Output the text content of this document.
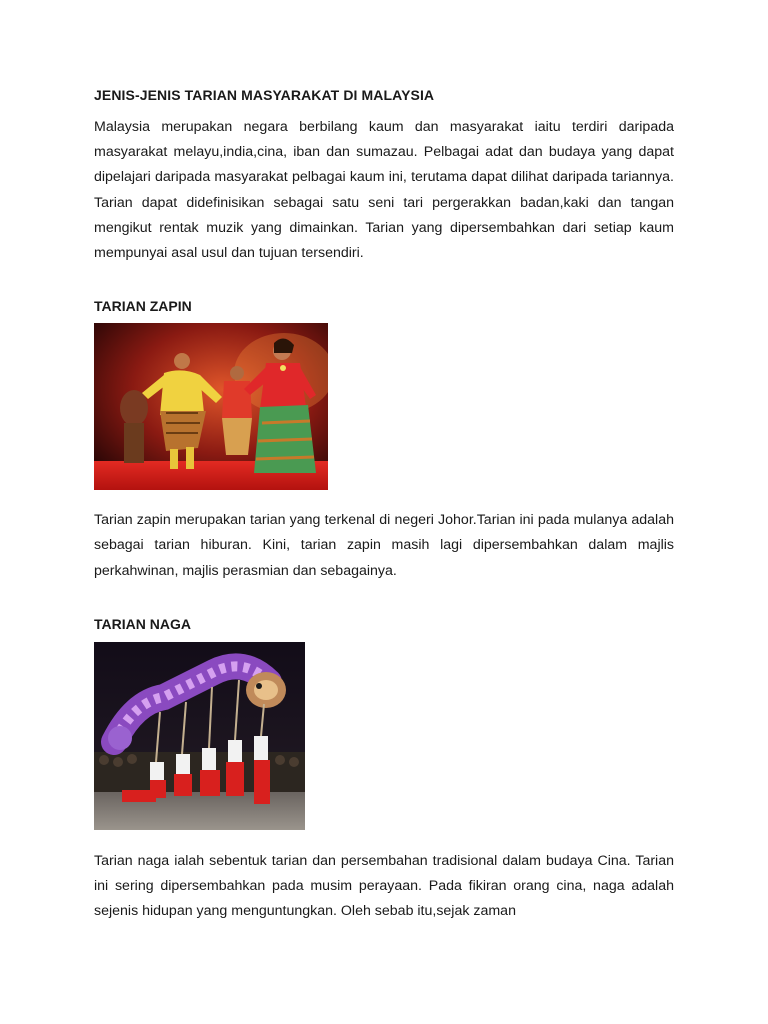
JENIS-JENIS TARIAN MASYARAKAT DI MALAYSIA

Malaysia merupakan negara berbilang kaum dan masyarakat iaitu terdiri daripada masyarakat melayu,india,cina, iban dan sumazau. Pelbagai adat dan budaya yang dapat dipelajari daripada masyarakat pelbagai kaum ini, terutama dapat dilihat daripada tariannya. Tarian dapat didefinisikan sebagai satu seni tari pergerakkan badan,kaki dan tangan mengikut rentak muzik yang dimainkan. Tarian yang dipersembahkan dari setiap kaum mempunyai asal usul dan tujuan tersendiri.

TARIAN ZAPIN

Tarian zapin merupakan tarian yang terkenal di negeri Johor.Tarian ini pada mulanya adalah sebagai tarian hiburan. Kini, tarian zapin masih lagi dipersembahkan dalam majlis perkahwinan, majlis perasmian dan sebagainya.

TARIAN NAGA

Tarian naga ialah sebentuk tarian dan persembahan tradisional dalam budaya Cina. Tarian ini sering dipersembahkan pada musim perayaan. Pada fikiran orang cina, naga adalah sejenis hidupan yang menguntungkan. Oleh sebab itu,sejak zaman
